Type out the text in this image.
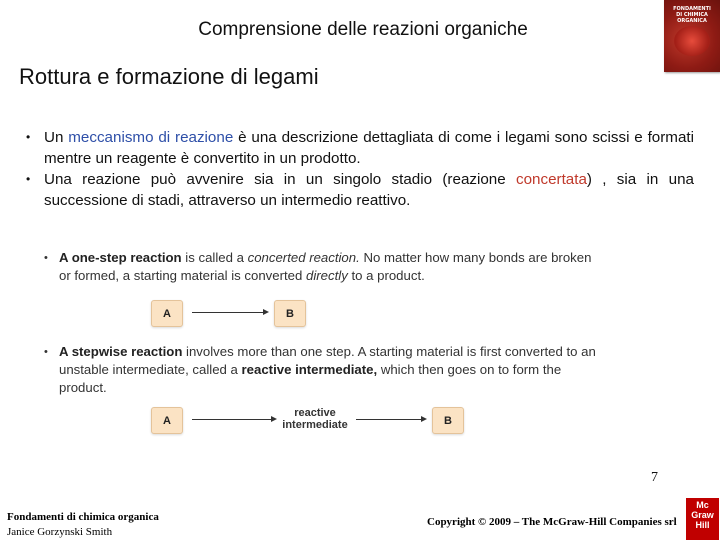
Comprensione delle reazioni organiche
FONDAMENTI
DI CHIMICA
ORGANICA
Rottura e formazione di legami
• Un meccanismo di reazione è una descrizione dettagliata di come i legami sono scissi e formati mentre un reagente è convertito in un prodotto.
• Una reazione può avvenire sia in un singolo stadio (reazione concertata) , sia in una successione di stadi, attraverso un intermedio reattivo.
• A one-step reaction is called a concerted reaction. No matter how many bonds are broken or formed, a starting material is converted directly to a product.
A	B
• A stepwise reaction involves more than one step. A starting material is first converted to an unstable intermediate, called a reactive intermediate, which then goes on to form the product.
A
reactive
intermediate	B
7
Fondamenti di chimica organica
Janice Gorzynski Smith
Copyright © 2009 – The McGraw-Hill Companies srl
Mc
Graw
Hill
